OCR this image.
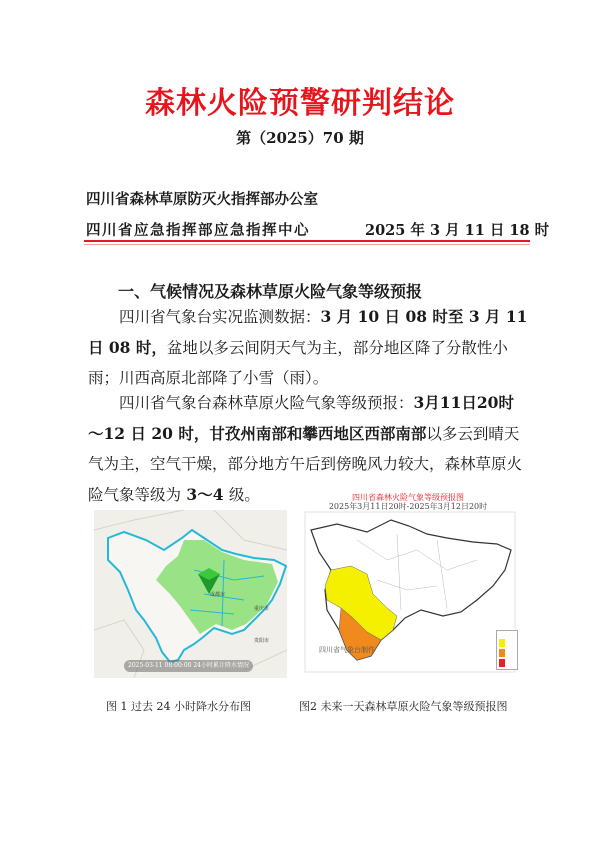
森林火险预警研判结论
第（2025）70 期
四川省森林草原防灭火指挥部办公室
四川省应急指挥部应急指挥中心	2025 年 3 月 11 日 18 时
一、气候情况及森林草原火险气象等级预报
四川省气象台实况监测数据：3 月 10 日 08 时至 3 月 11 日 08 时，盆地以多云间阴天气为主，部分地区降了分散性小雨；川西高原北部降了小雪（雨）。
四川省气象台森林草原火险气象等级预报：3月11日20时～12 日 20 时，甘孜州南部和攀西地区西部南部以多云到晴天气为主，空气干燥，部分地方午后到傍晚风力较大，森林草原火险气象等级为 3～4 级。
成都市
重庆市
贵阳市
2025-03-11 08:00:00 24小时累计降水情况
四川省森林火险气象等级预报图
2025年3月11日20时-2025年3月12日20时
四川省气象台制作
图 1 过去 24 小时降水分布图	图2 未来一天森林草原火险气象等级预报图
